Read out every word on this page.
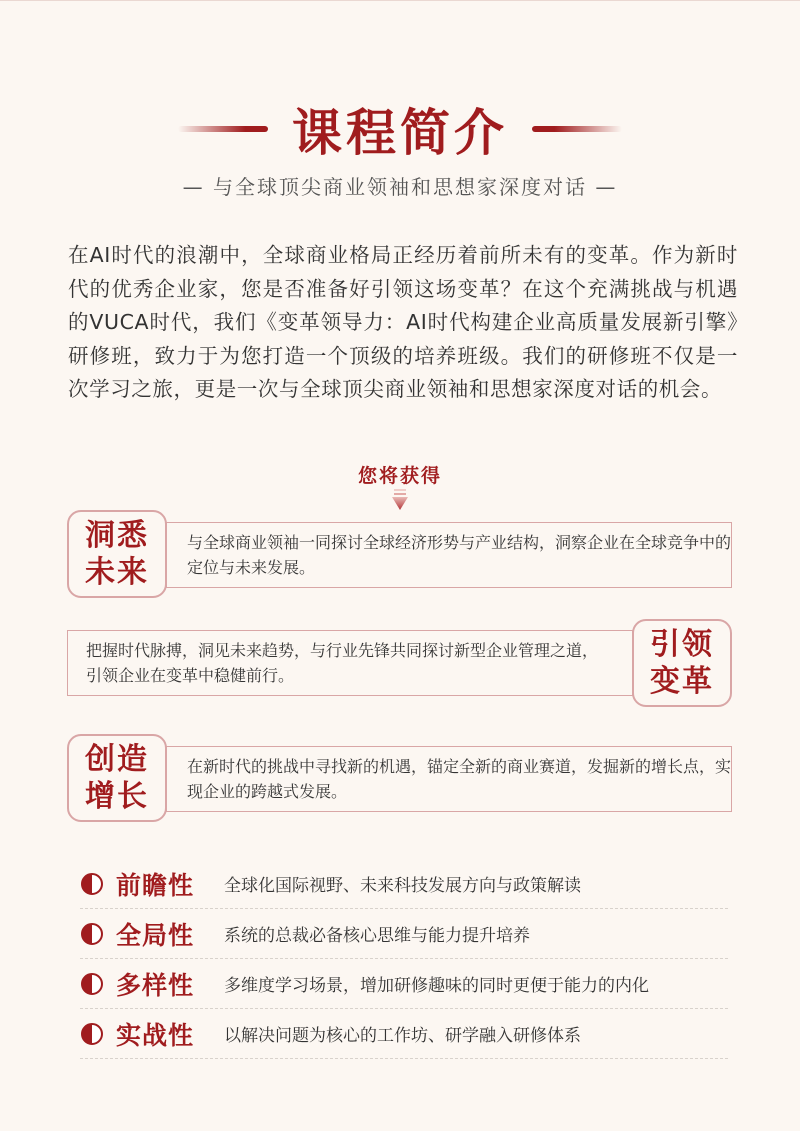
课程简介
— 与全球顶尖商业领袖和思想家深度对话 —
在AI时代的浪潮中，全球商业格局正经历着前所未有的变革。作为新时代的优秀企业家，您是否准备好引领这场变革？在这个充满挑战与机遇的VUCA时代，我们《变革领导力：AI时代构建企业高质量发展新引擎》研修班，致力于为您打造一个顶级的培养班级。我们的研修班不仅是一次学习之旅，更是一次与全球顶尖商业领袖和思想家深度对话的机会。
您将获得
与全球商业领袖一同探讨全球经济形势与产业结构，洞察企业在全球竞争中的定位与未来发展。
洞悉
未来
把握时代脉搏，洞见未来趋势，与行业先锋共同探讨新型企业管理之道，引领企业在变革中稳健前行。
引领
变革
在新时代的挑战中寻找新的机遇，锚定全新的商业赛道，发掘新的增长点，实现企业的跨越式发展。
创造
增长
前瞻性	全球化国际视野、未来科技发展方向与政策解读
全局性	系统的总裁必备核心思维与能力提升培养
多样性	多维度学习场景，增加研修趣味的同时更便于能力的内化
实战性	以解决问题为核心的工作坊、研学融入研修体系
